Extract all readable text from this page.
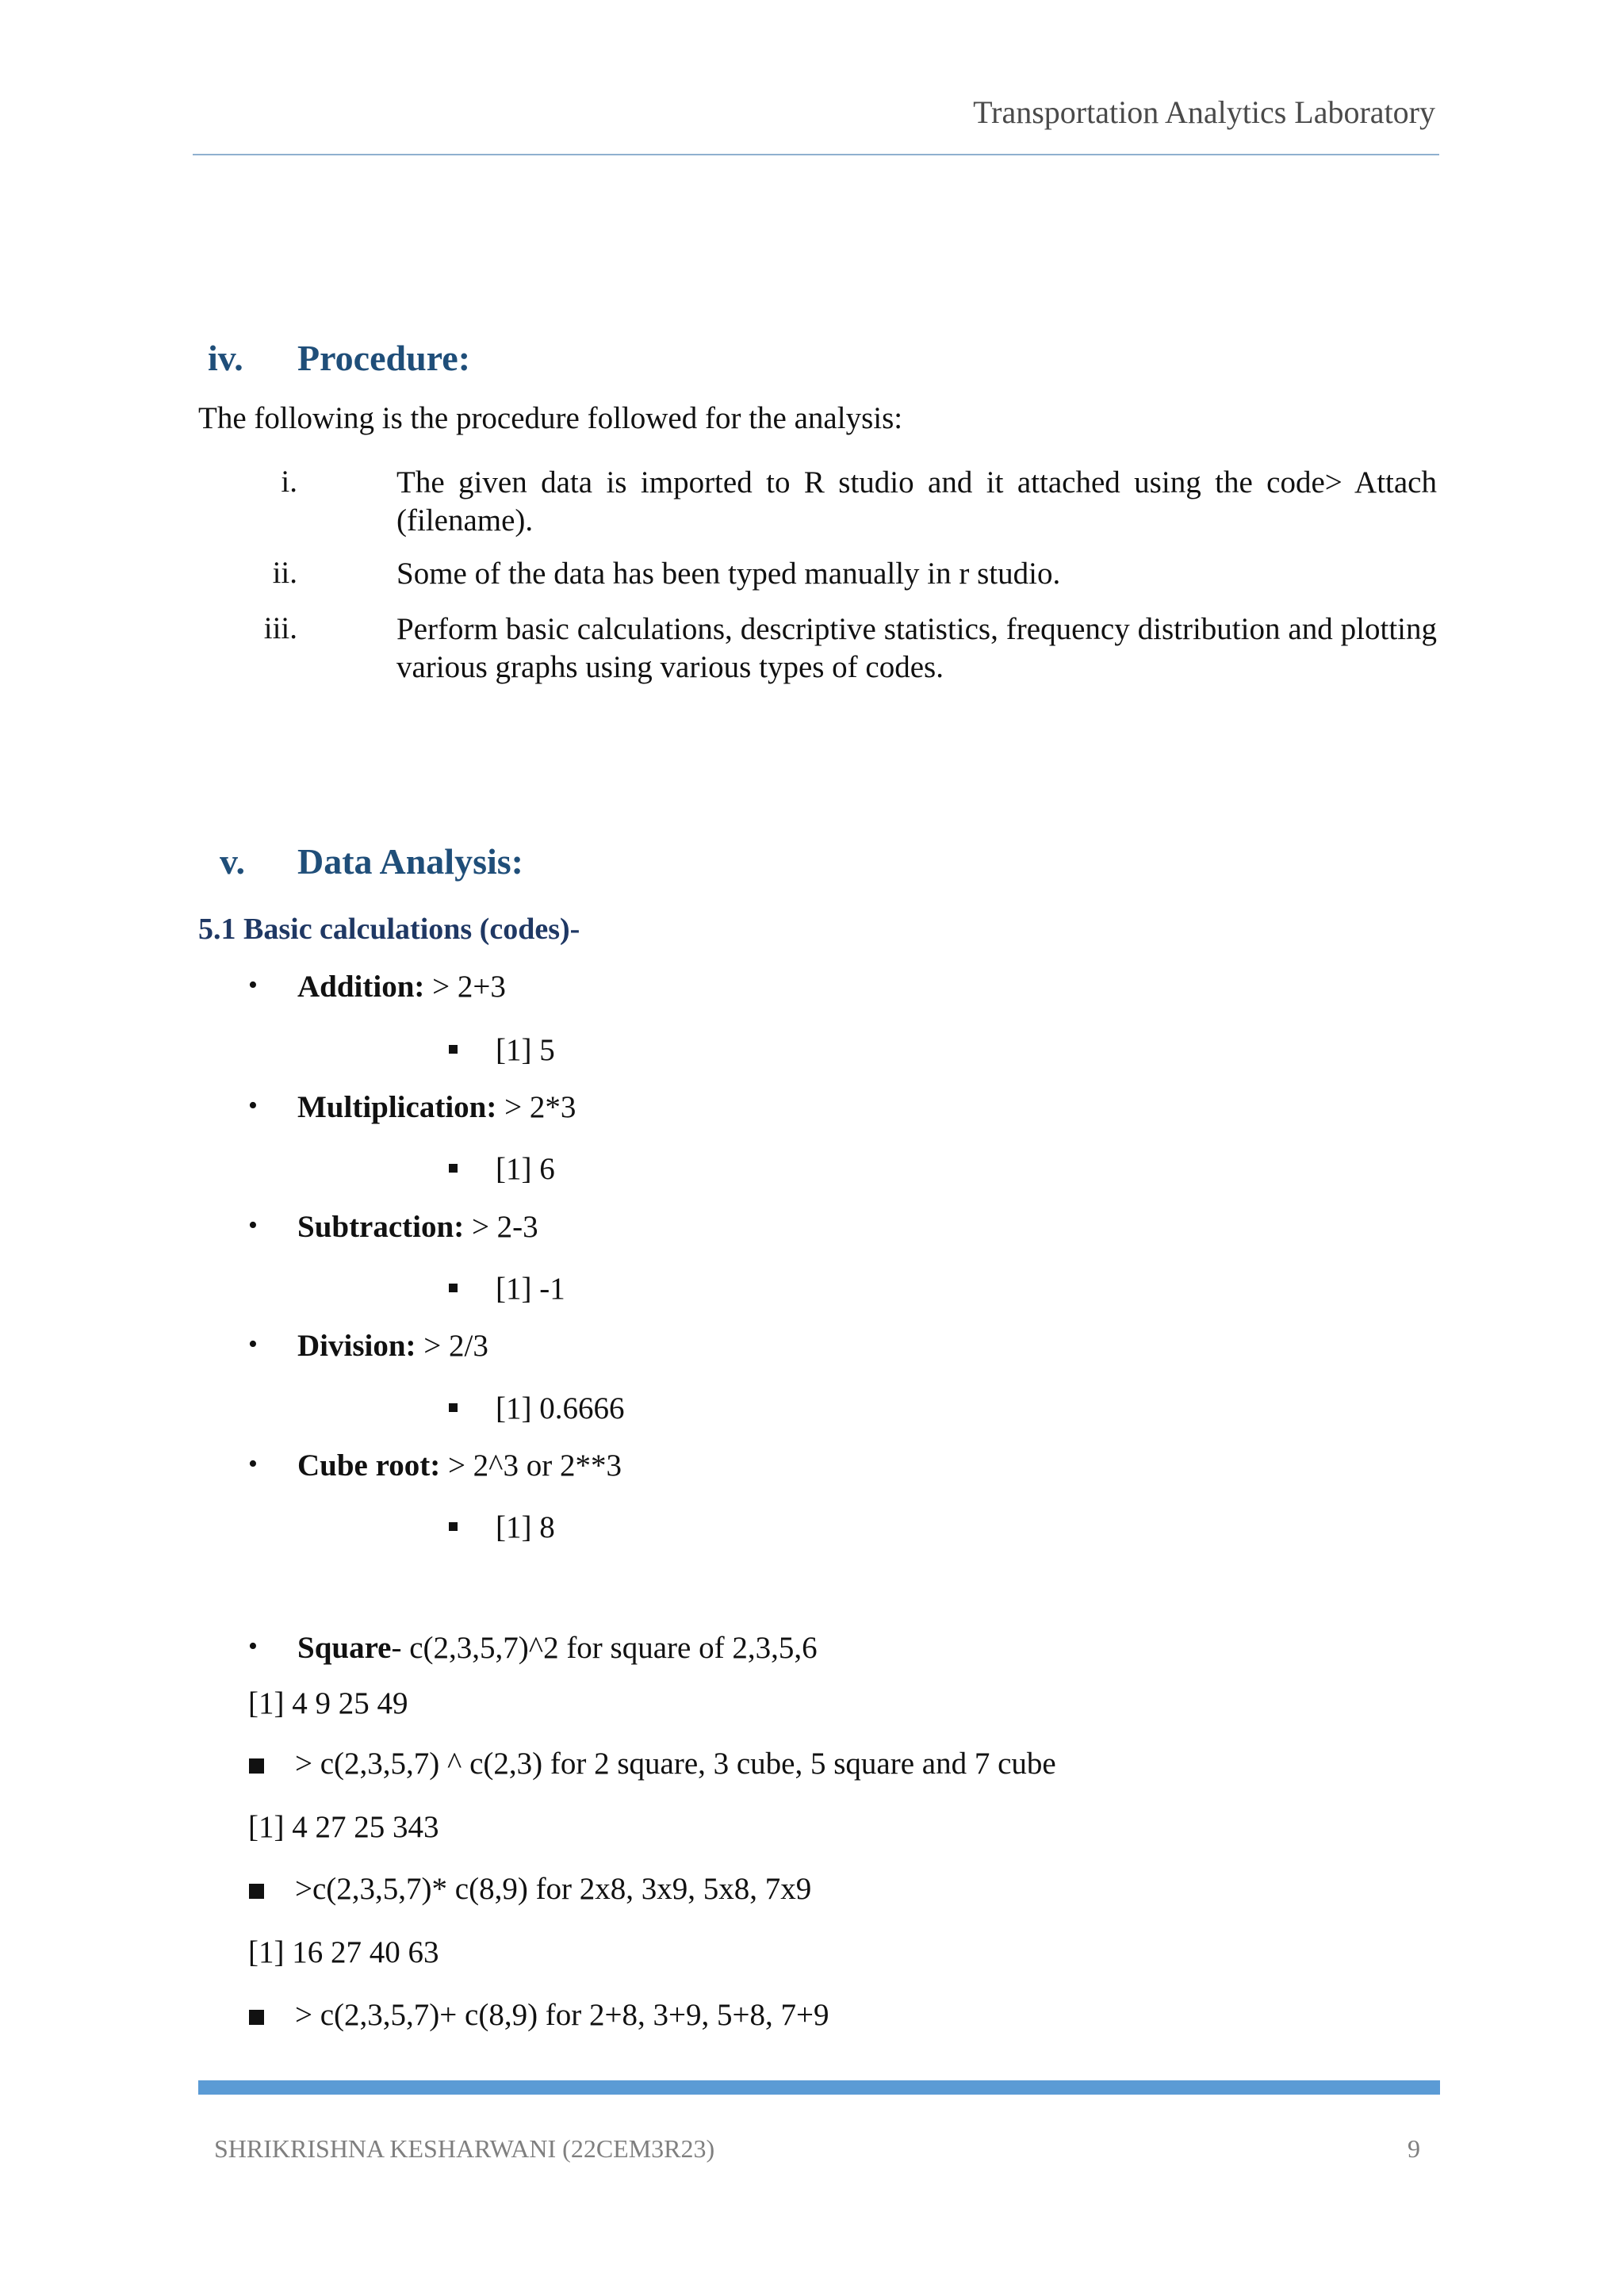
Transportation Analytics Laboratory
iv. Procedure:
The following is the procedure followed for the analysis:
i.	The given data is imported to R studio and it attached using the code> Attach (filename).
ii.	Some of the data has been typed manually in r studio.
iii.	Perform basic calculations, descriptive statistics, frequency distribution and plotting various graphs using various types of codes.
v. Data Analysis:
5.1 Basic calculations (codes)-
• Addition: > 2+3
[1] 5
• Multiplication: > 2*3
[1] 6
• Subtraction: > 2-3
[1] -1
• Division: > 2/3
[1] 0.6666
• Cube root: > 2^3 or 2**3
[1] 8
• Square- c(2,3,5,7)^2 for square of 2,3,5,6
[1] 4 9 25 49
> c(2,3,5,7) ^ c(2,3) for 2 square, 3 cube, 5 square and 7 cube
[1] 4 27 25 343
>c(2,3,5,7)* c(8,9) for 2x8, 3x9, 5x8, 7x9
[1] 16 27 40 63
> c(2,3,5,7)+ c(8,9) for 2+8, 3+9, 5+8, 7+9
SHRIKRISHNA KESHARWANI (22CEM3R23)	9
